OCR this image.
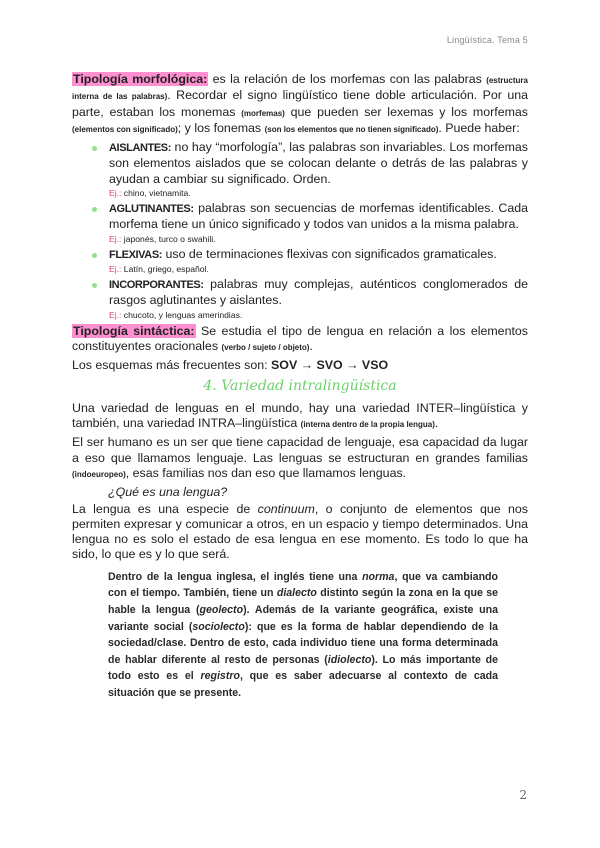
Lingüística. Tema 5

Tipología morfológica: es la relación de los morfemas con las palabras (estructura interna de las palabras). Recordar el signo lingüístico tiene doble articulación. Por una parte, estaban los monemas (morfemas) que pueden ser lexemas y los morfemas (elementos con significado); y los fonemas (son los elementos que no tienen significado). Puede haber:

AISLANTES: no hay “morfología”, las palabras son invariables. Los morfemas son elementos aislados que se colocan delante o detrás de las palabras y ayudan a cambiar su significado. Orden.
Ej.: chino, vietnamita.
AGLUTINANTES: palabras son secuencias de morfemas identificables. Cada morfema tiene un único significado y todos van unidos a la misma palabra.
Ej.: japonés, turco o swahili.
FLEXIVAS: uso de terminaciones flexivas con significados gramaticales.
Ej.: Latín, griego, español.
INCORPORANTES: palabras muy complejas, auténticos conglomerados de rasgos aglutinantes y aislantes.
Ej.: chucoto, y lenguas amerindias.

Tipología sintáctica: Se estudia el tipo de lengua en relación a los elementos constituyentes oracionales (verbo / sujeto / objeto).

Los esquemas más frecuentes son: SOV → SVO → VSO

4. Variedad intralingüística

Una variedad de lenguas en el mundo, hay una variedad INTER–lingüística y también, una variedad INTRA–lingüística (interna dentro de la propia lengua).

El ser humano es un ser que tiene capacidad de lenguaje, esa capacidad da lugar a eso que llamamos lenguaje. Las lenguas se estructuran en grandes familias (indoeuropeo), esas familias nos dan eso que llamamos lenguas.

¿Qué es una lengua?

La lengua es una especie de continuum, o conjunto de elementos que nos permiten expresar y comunicar a otros, en un espacio y tiempo determinados. Una lengua no es solo el estado de esa lengua en ese momento. Es todo lo que ha sido, lo que es y lo que será.

Dentro de la lengua inglesa, el inglés tiene una norma, que va cambiando con el tiempo. También, tiene un dialecto distinto según la zona en la que se hable la lengua (geolecto). Además de la variante geográfica, existe una variante social (sociolecto): que es la forma de hablar dependiendo de la sociedad/clase. Dentro de esto, cada individuo tiene una forma determinada de hablar diferente al resto de personas (idiolecto). Lo más importante de todo esto es el registro, que es saber adecuarse al contexto de cada situación que se presente.
2
